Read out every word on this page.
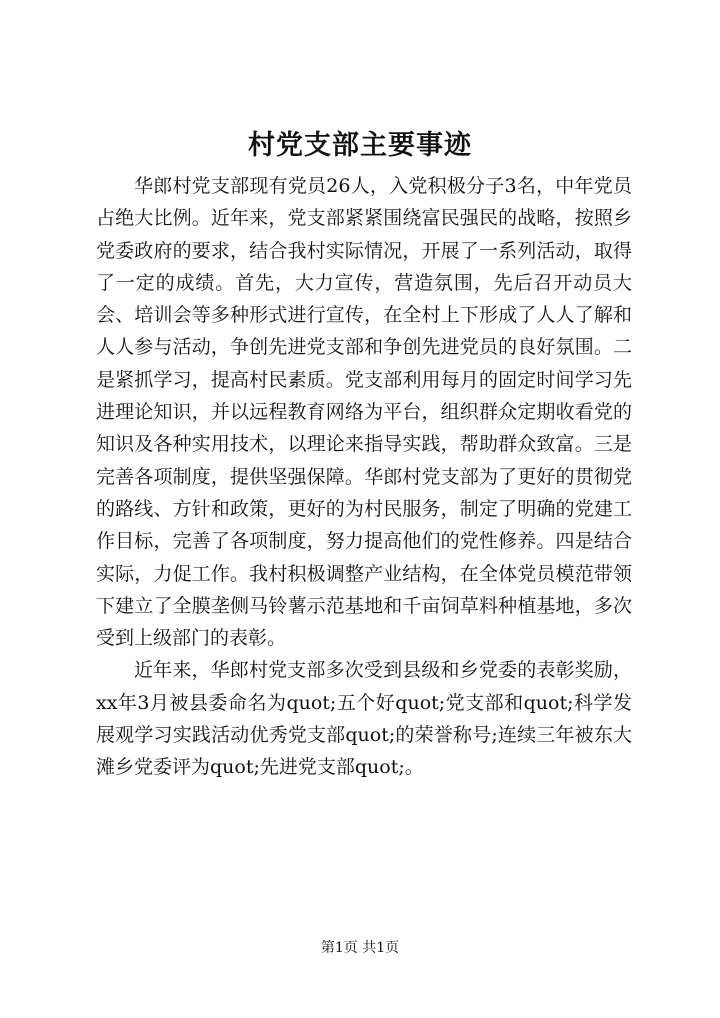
村党支部主要事迹

华郎村党支部现有党员26人，入党积极分子3名，中年党员占绝大比例。近年来，党支部紧紧围绕富民强民的战略，按照乡党委政府的要求，结合我村实际情况，开展了一系列活动，取得了一定的成绩。首先，大力宣传，营造氛围，先后召开动员大会、培训会等多种形式进行宣传，在全村上下形成了人人了解和人人参与活动，争创先进党支部和争创先进党员的良好氛围。二是紧抓学习，提高村民素质。党支部利用每月的固定时间学习先进理论知识，并以远程教育网络为平台，组织群众定期收看党的知识及各种实用技术，以理论来指导实践，帮助群众致富。三是完善各项制度，提供坚强保障。华郎村党支部为了更好的贯彻党的路线、方针和政策，更好的为村民服务，制定了明确的党建工作目标，完善了各项制度，努力提高他们的党性修养。四是结合实际，力促工作。我村积极调整产业结构，在全体党员模范带领下建立了全膜垄侧马铃薯示范基地和千亩饲草料种植基地，多次受到上级部门的表彰。

近年来，华郎村党支部多次受到县级和乡党委的表彰奖励，xx年3月被县委命名为quot;五个好quot;党支部和quot;科学发展观学习实践活动优秀党支部quot;的荣誉称号;连续三年被东大滩乡党委评为quot;先进党支部quot;。

第1页 共1页
